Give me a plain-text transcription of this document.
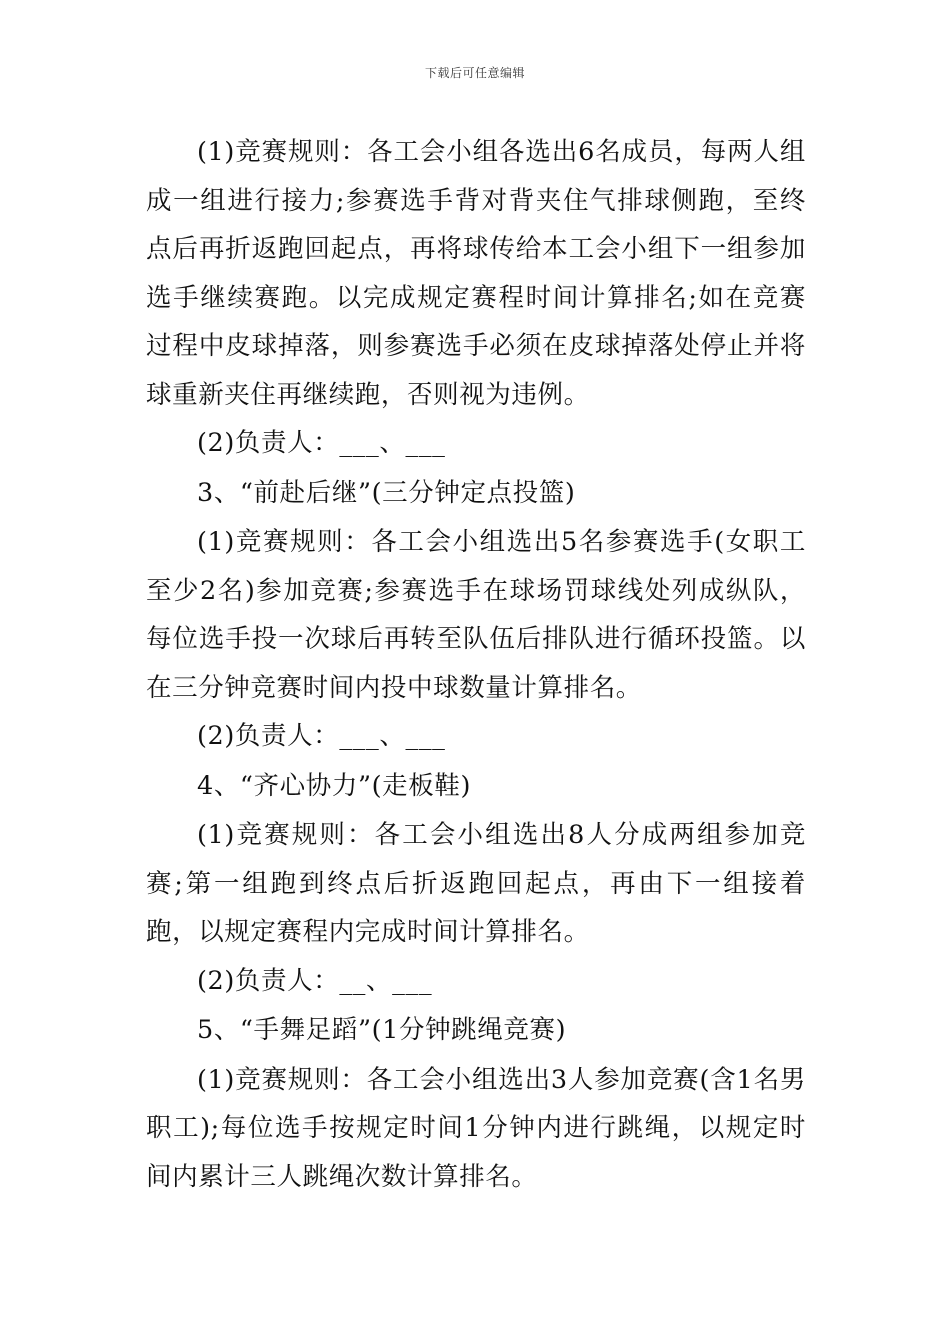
下载后可任意编辑

(1)竞赛规则：各工会小组各选出6名成员，每两人组成一组进行接力;参赛选手背对背夹住气排球侧跑，至终点后再折返跑回起点，再将球传给本工会小组下一组参加选手继续赛跑。以完成规定赛程时间计算排名;如在竞赛过程中皮球掉落，则参赛选手必须在皮球掉落处停止并将球重新夹住再继续跑，否则视为违例。

(2)负责人：___、___

3、“前赴后继”(三分钟定点投篮)

(1)竞赛规则：各工会小组选出5名参赛选手(女职工至少2名)参加竞赛;参赛选手在球场罚球线处列成纵队，每位选手投一次球后再转至队伍后排队进行循环投篮。以在三分钟竞赛时间内投中球数量计算排名。

(2)负责人：___、___

4、“齐心协力”(走板鞋)

(1)竞赛规则：各工会小组选出8人分成两组参加竞赛;第一组跑到终点后折返跑回起点，再由下一组接着跑，以规定赛程内完成时间计算排名。

(2)负责人：__、___

5、“手舞足蹈”(1分钟跳绳竞赛)

(1)竞赛规则：各工会小组选出3人参加竞赛(含1名男职工);每位选手按规定时间1分钟内进行跳绳，以规定时间内累计三人跳绳次数计算排名。
